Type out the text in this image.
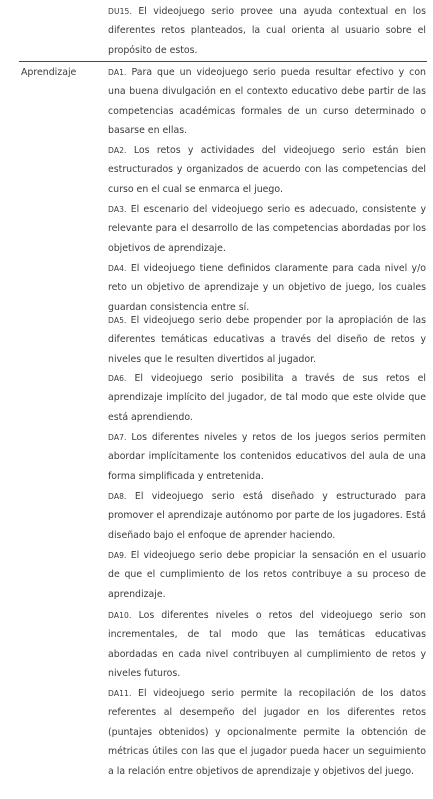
DU15. El videojuego serio provee una ayuda contextual en los diferentes retos planteados, la cual orienta al usuario sobre el propósito de estos.

Aprendizaje	DA1. Para que un videojuego serio pueda resultar efectivo y con una buena divulgación en el contexto educativo debe partir de las competencias académicas formales de un curso determinado o basarse en ellas.

DA2. Los retos y actividades del videojuego serio están bien estructurados y organizados de acuerdo con las competencias del curso en el cual se enmarca el juego.

DA3. El escenario del videojuego serio es adecuado, consistente y relevante para el desarrollo de las competencias abordadas por los objetivos de aprendizaje.

DA4. El videojuego tiene definidos claramente para cada nivel y/o reto un objetivo de aprendizaje y un objetivo de juego, los cuales guardan consistencia entre sí.

DA5. El videojuego serio debe propender por la apropiación de las diferentes temáticas educativas a través del diseño de retos y niveles que le resulten divertidos al jugador.

DA6. El videojuego serio posibilita a través de sus retos el aprendizaje implícito del jugador, de tal modo que este olvide que está aprendiendo.

DA7. Los diferentes niveles y retos de los juegos serios permiten abordar implícitamente los contenidos educativos del aula de una forma simplificada y entretenida.

DA8. El videojuego serio está diseñado y estructurado para promover el aprendizaje autónomo por parte de los jugadores. Está diseñado bajo el enfoque de aprender haciendo.

DA9. El videojuego serio debe propiciar la sensación en el usuario de que el cumplimiento de los retos contribuye a su proceso de aprendizaje.

DA10. Los diferentes niveles o retos del videojuego serio son incrementales, de tal modo que las temáticas educativas abordadas en cada nivel contribuyen al cumplimiento de retos y niveles futuros.

DA11. El videojuego serio permite la recopilación de los datos referentes al desempeño del jugador en los diferentes retos (puntajes obtenidos) y opcionalmente permite la obtención de métricas útiles con las que el jugador pueda hacer un seguimiento a la relación entre objetivos de aprendizaje y objetivos del juego.
